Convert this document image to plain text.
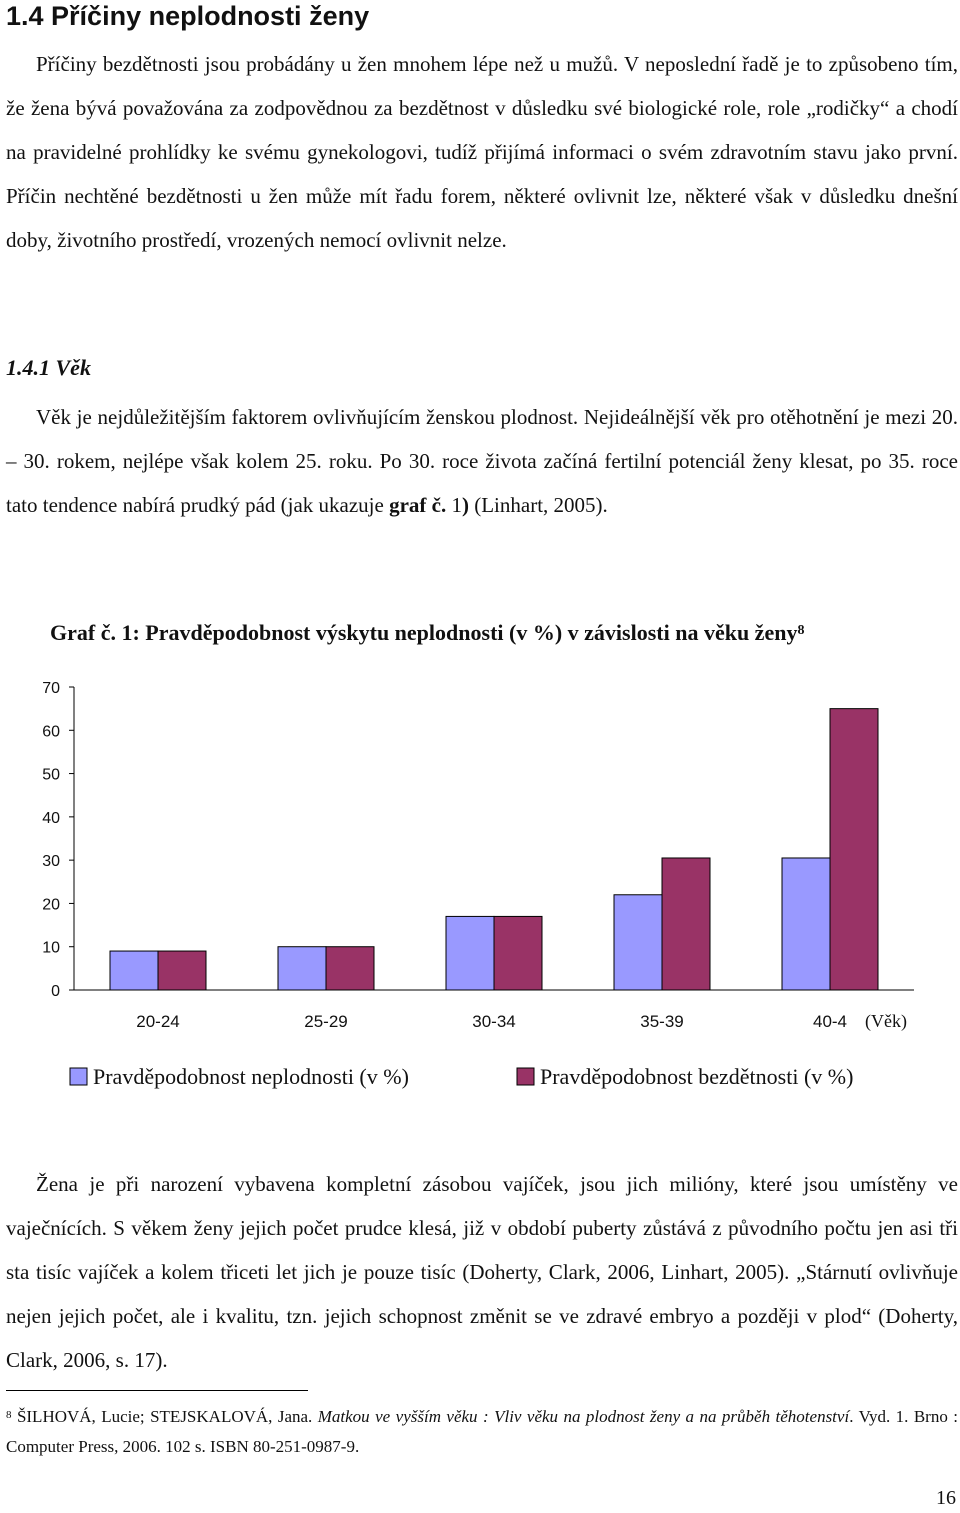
1.4 Příčiny neplodnosti ženy

Příčiny bezdětnosti jsou probádány u žen mnohem lépe než u mužů. V neposlední řadě je to způsobeno tím, že žena bývá považována za zodpovědnou za bezdětnost v důsledku své biologické role, role „rodičky“ a chodí na pravidelné prohlídky ke svému gynekologovi, tudíž přijímá informaci o svém zdravotním stavu jako první. Příčin nechtěné bezdětnosti u žen může mít řadu forem, některé ovlivnit lze, některé však v důsledku dnešní doby, životního prostředí, vrozených nemocí ovlivnit nelze.

1.4.1 Věk

Věk je nejdůležitějším faktorem ovlivňujícím ženskou plodnost. Nejideálnější věk pro otěhotnění je mezi 20. – 30. rokem, nejlépe však kolem 25. roku. Po 30. roce života začíná fertilní potenciál ženy klesat, po 35. roce tato tendence nabírá prudký pád (jak ukazuje graf č. 1) (Linhart, 2005).

Graf č. 1: Pravděpodobnost výskytu neplodnosti (v %) v závislosti na věku ženy$^8$

0
10
20
30
40
50
60
70
20-24	25-29	30-34	35-39	40-4 (Věk)
Pravděpodobnost neplodnosti (v %)	Pravděpodobnost bezdětnosti (v %)

Žena je při narození vybavena kompletní zásobou vajíček, jsou jich milióny, které jsou umístěny ve vaječnících. S věkem ženy jejich počet prudce klesá, již v období puberty zůstává z původního počtu jen asi tři sta tisíc vajíček a kolem třiceti let jich je pouze tisíc (Doherty, Clark, 2006, Linhart, 2005). „Stárnutí ovlivňuje nejen jejich počet, ale i kvalitu, tzn. jejich schopnost změnit se ve zdravé embryo a později v plod“ (Doherty, Clark, 2006, s. 17).

$^8$ ŠILHOVÁ, Lucie; STEJSKALOVÁ, Jana. Matkou ve vyšším věku : Vliv věku na plodnost ženy a na průběh těhotenství. Vyd. 1. Brno : Computer Press, 2006. 102 s. ISBN 80-251-0987-9.

16
